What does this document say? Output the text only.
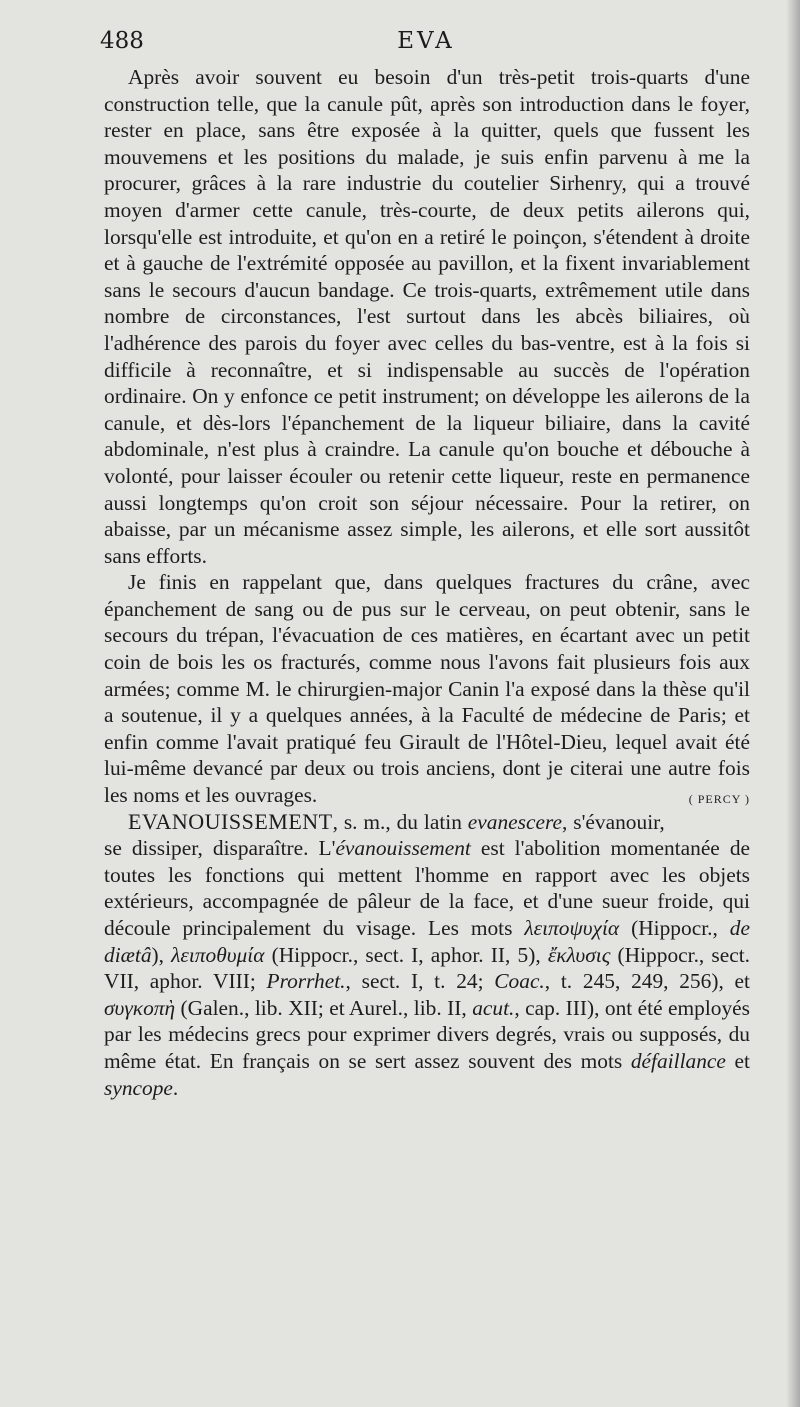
488	EVA

Après avoir souvent eu besoin d'un très-petit trois-quarts d'une construction telle, que la canule pût, après son introduction dans le foyer, rester en place, sans être exposée à la quitter, quels que fussent les mouvemens et les positions du malade, je suis enfin parvenu à me la procurer, grâces à la rare industrie du coutelier Sirhenry, qui a trouvé moyen d'armer cette canule, très-courte, de deux petits ailerons qui, lorsqu'elle est introduite, et qu'on en a retiré le poinçon, s'étendent à droite et à gauche de l'extrémité opposée au pavillon, et la fixent invariablement sans le secours d'aucun bandage. Ce trois-quarts, extrêmement utile dans nombre de circonstances, l'est surtout dans les abcès biliaires, où l'adhérence des parois du foyer avec celles du bas-ventre, est à la fois si difficile à reconnaître, et si indispensable au succès de l'opération ordinaire. On y enfonce ce petit instrument; on développe les ailerons de la canule, et dès-lors l'épanchement de la liqueur biliaire, dans la cavité abdominale, n'est plus à craindre. La canule qu'on bouche et débouche à volonté, pour laisser écouler ou retenir cette liqueur, reste en permanence aussi longtemps qu'on croit son séjour nécessaire. Pour la retirer, on abaisse, par un mécanisme assez simple, les ailerons, et elle sort aussitôt sans efforts.

Je finis en rappelant que, dans quelques fractures du crâne, avec épanchement de sang ou de pus sur le cerveau, on peut obtenir, sans le secours du trépan, l'évacuation de ces matières, en écartant avec un petit coin de bois les os fracturés, comme nous l'avons fait plusieurs fois aux armées; comme M. le chirurgien-major Canin l'a exposé dans la thèse qu'il a soutenue, il y a quelques années, à la Faculté de médecine de Paris; et enfin comme l'avait pratiqué feu Girault de l'Hôtel-Dieu, lequel avait été lui-même devancé par deux ou trois anciens, dont je citerai une autre fois les noms et les ouvrages.	( PERCY )

EVANOUISSEMENT, s. m., du latin evanescere, s'évanouir, se dissiper, disparaître. L'évanouissement est l'abolition momentanée de toutes les fonctions qui mettent l'homme en rapport avec les objets extérieurs, accompagnée de pâleur de la face, et d'une sueur froide, qui découle principalement du visage. Les mots λειποψυχία (Hippocr., de diætâ), λειποθυμία (Hippocr., sect. I, aphor. II, 5), ἔκλυσις (Hippocr., sect. VII, aphor. VIII; Prorrhet., sect. I, t. 24; Coac., t. 245, 249, 256), et συγκοπὴ (Galen., lib. XII; et Aurel., lib. II, acut., cap. III), ont été employés par les médecins grecs pour exprimer divers degrés, vrais ou supposés, du même état. En français on se sert assez souvent des mots défaillance et syncope.
